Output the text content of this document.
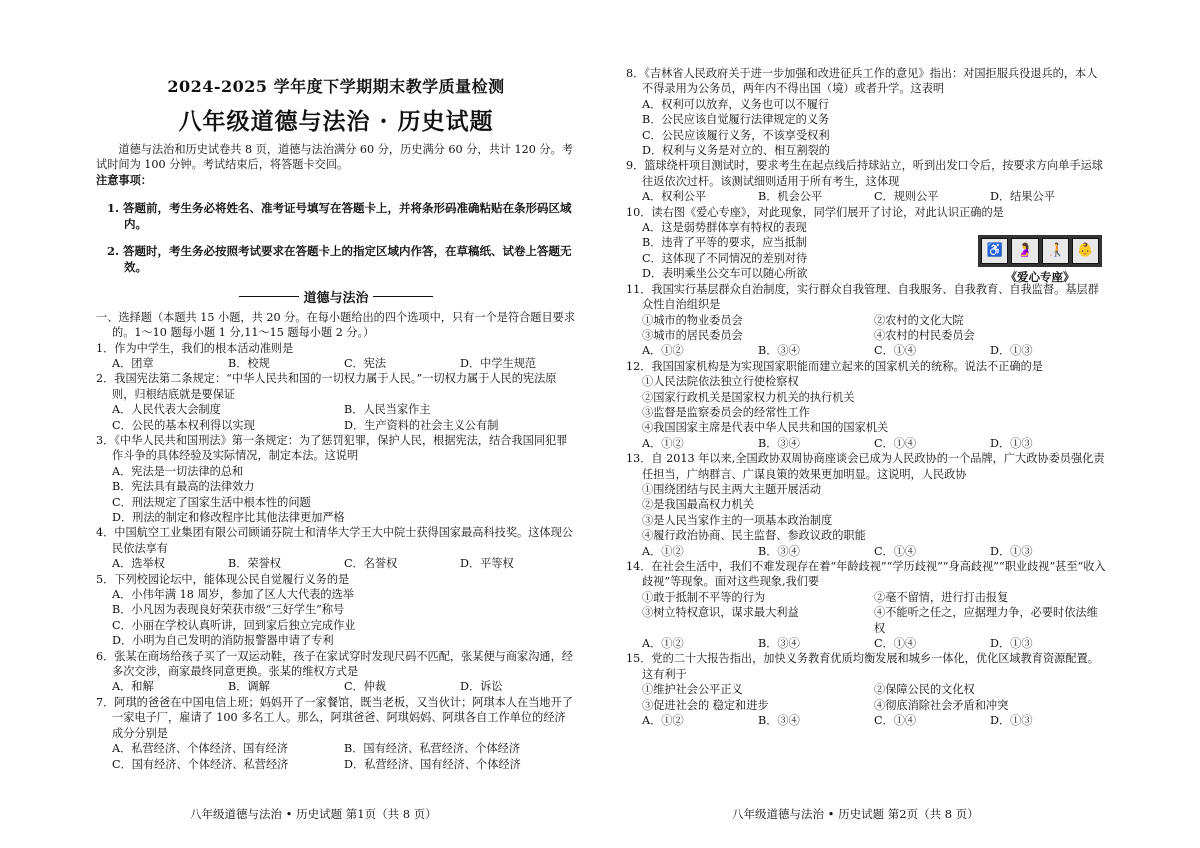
2024-2025 学年度下学期期末教学质量检测
八年级道德与法治 · 历史试题

道德与法治和历史试卷共 8 页，道德与法治满分 60 分，历史满分 60 分，共计 120 分。考试时间为 100 分钟。考试结束后，将答题卡交回。

注意事项：

1. 答题前，考生务必将姓名、准考证号填写在答题卡上，并将条形码准确粘贴在条形码区域内。

2. 答题时，考生务必按照考试要求在答题卡上的指定区域内作答，在草稿纸、试卷上答题无效。

道德与法治

一、选择题（本题共 15 小题，共 20 分。在每小题给出的四个选项中，只有一个是符合题目要求的。1～10 题每小题 1 分,11～15 题每小题 2 分。）

1．作为中学生，我们的根本活动准则是

A．团章	B．校规	C．宪法	D．中学生规范

2．我国宪法第二条规定：“中华人民共和国的一切权力属于人民。”一切权力属于人民的宪法原则，归根结底就是要保证

A．人民代表大会制度	B．人民当家作主
C．公民的基本权利得以实现	D．生产资料的社会主义公有制

3．《中华人民共和国刑法》第一条规定：为了惩罚犯罪，保护人民，根据宪法，结合我国同犯罪作斗争的具体经验及实际情况，制定本法。这说明

A．宪法是一切法律的总和

B．宪法具有最高的法律效力

C．刑法规定了国家生活中根本性的问题

D．刑法的制定和修改程序比其他法律更加严格

4．中国航空工业集团有限公司顾诵芬院士和清华大学王大中院士获得国家最高科技奖。这体现公民依法享有

A．选举权	B．荣誉权	C．名誉权	D．平等权

5．下列校园论坛中，能体现公民自觉履行义务的是

A．小伟年满 18 周岁，参加了区人大代表的选举

B．小凡因为表现良好荣获市级“三好学生”称号

C．小丽在学校认真听讲，回到家后独立完成作业

D．小明为自己发明的消防报警器申请了专利

6．张某在商场给孩子买了一双运动鞋，孩子在家试穿时发现尺码不匹配，张某便与商家沟通，经多次交涉，商家最终同意更换。张某的维权方式是

A．和解	B．调解	C．仲裁	D．诉讼

7．阿琪的爸爸在中国电信上班；妈妈开了一家餐馆，既当老板，又当伙计；阿琪本人在当地开了一家电子厂，雇请了 100 多名工人。那么，阿琪爸爸、阿琪妈妈、阿琪各自工作单位的经济成分分别是

A．私营经济、个体经济、国有经济	B．国有经济、私营经济、个体经济
C．国有经济、个体经济、私营经济	D．私营经济、国有经济、个体经济

8．《吉林省人民政府关于进一步加强和改进征兵工作的意见》指出：对国拒服兵役退兵的，本人不得录用为公务员，两年内不得出国（境）或者升学。这表明

A．权利可以放弃，义务也可以不履行

B．公民应该自觉履行法律规定的义务

C．公民应该履行义务，不该享受权利

D．权利与义务是对立的、相互割裂的

9．篮球绕杆项目测试时，要求考生在起点线后持球站立，听到出发口令后，按要求方向单手运球往返依次过杆。该测试细则适用于所有考生，这体现

A．权利公平	B．机会公平	C．规则公平	D．结果公平

10．读右图《爱心专座》，对此现象，同学们展开了讨论，对此认识正确的是

A．这是弱势群体享有特权的表现

B．违背了平等的要求，应当抵制

C．这体现了不同情况的差别对待

D．表明乘坐公交车可以随心所欲

♿	🤰	🧑‍🦯	👶
《爱心专座》

11．我国实行基层群众自治制度，实行群众自我管理、自我服务、自我教育、自我监督。基层群众性自治组织是

①城市的物业委员会	②农村的文化大院
③城市的居民委员会	④农村的村民委员会
A．①②	B．③④	C．①④	D．①③

12．我国国家机构是为实现国家职能而建立起来的国家机关的统称。说法不正确的是

①人民法院依法独立行使检察权

②国家行政机关是国家权力机关的执行机关

③监督是监察委员会的经常性工作

④我国国家主席是代表中华人民共和国的国家机关

A．①②	B．③④	C．①④	D．①③

13．自 2013 年以来,全国政协双周协商座谈会已成为人民政协的一个品牌，广大政协委员强化责任担当，广纳群言、广谋良策的效果更加明显。这说明，人民政协

①围绕团结与民主两大主题开展活动

②是我国最高权力机关

③是人民当家作主的一项基本政治制度

④履行政治协商、民主监督、参政议政的职能

A．①②	B．③④	C．①④	D．①③

14．在社会生活中，我们不难发现存在着“年龄歧视”“学历歧视”“身高歧视”“职业歧视”甚至“收入歧视”等现象。面对这些现象,我们要

①敢于抵制不平等的行为	②毫不留情，进行打击报复
③树立特权意识，谋求最大利益	④不能听之任之，应据理力争，必要时依法维权
A．①②	B．③④	C．①④	D．①③

15．党的二十大报告指出，加快义务教育优质均衡发展和城乡一体化，优化区域教育资源配置。这有利于

①维护社会公平正义	②保障公民的文化权
③促进社会的 稳定和进步	④彻底消除社会矛盾和冲突
A．①②	B．③④	C．①④	D．①③
八年级道德与法治 • 历史试题 第1页（共 8 页）	八年级道德与法治 • 历史试题 第2页（共 8 页）
